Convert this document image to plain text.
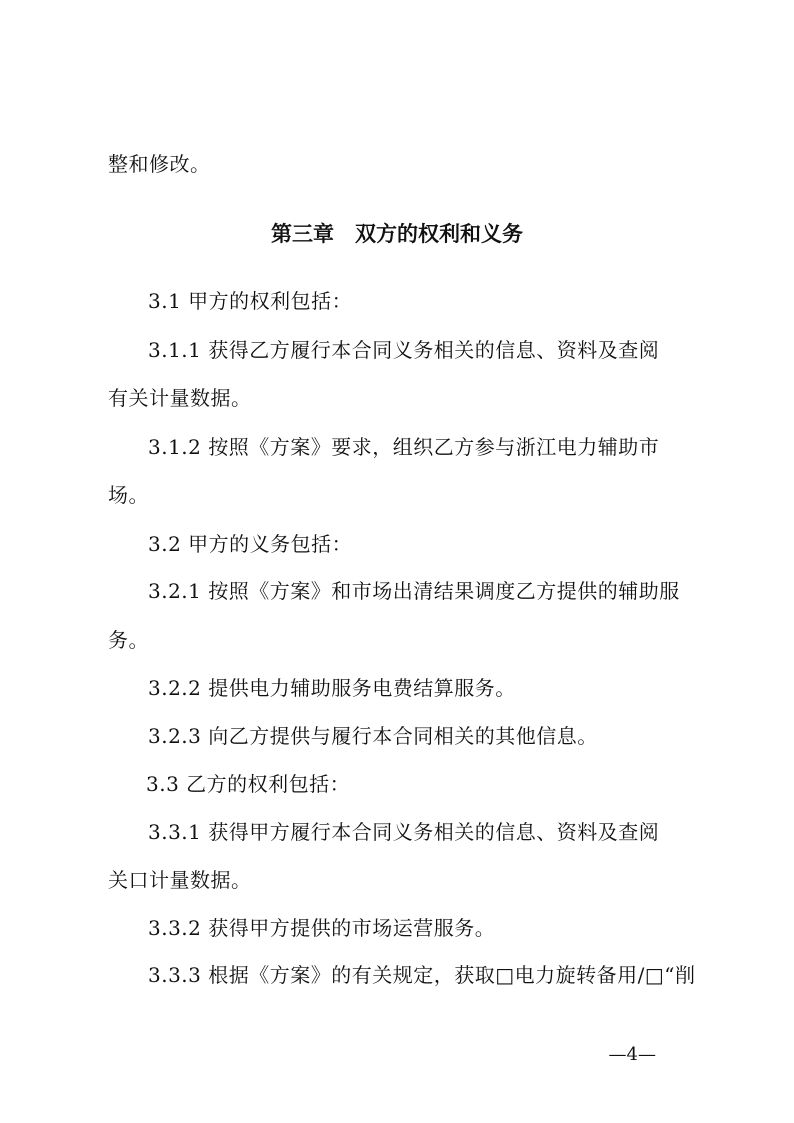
整和修改。
第三章　双方的权利和义务
3.1 甲方的权利包括：
3.1.1 获得乙方履行本合同义务相关的信息、资料及查阅
有关计量数据。
3.1.2 按照《方案》要求，组织乙方参与浙江电力辅助市
场。
3.2 甲方的义务包括：
3.2.1 按照《方案》和市场出清结果调度乙方提供的辅助服
务。
3.2.2 提供电力辅助服务电费结算服务。
3.2.3 向乙方提供与履行本合同相关的其他信息。
3.3 乙方的权利包括：
3.3.1 获得甲方履行本合同义务相关的信息、资料及查阅
关口计量数据。
3.3.2 获得甲方提供的市场运营服务。
3.3.3 根据《方案》的有关规定，获取□电力旋转备用/□“削
—4—
